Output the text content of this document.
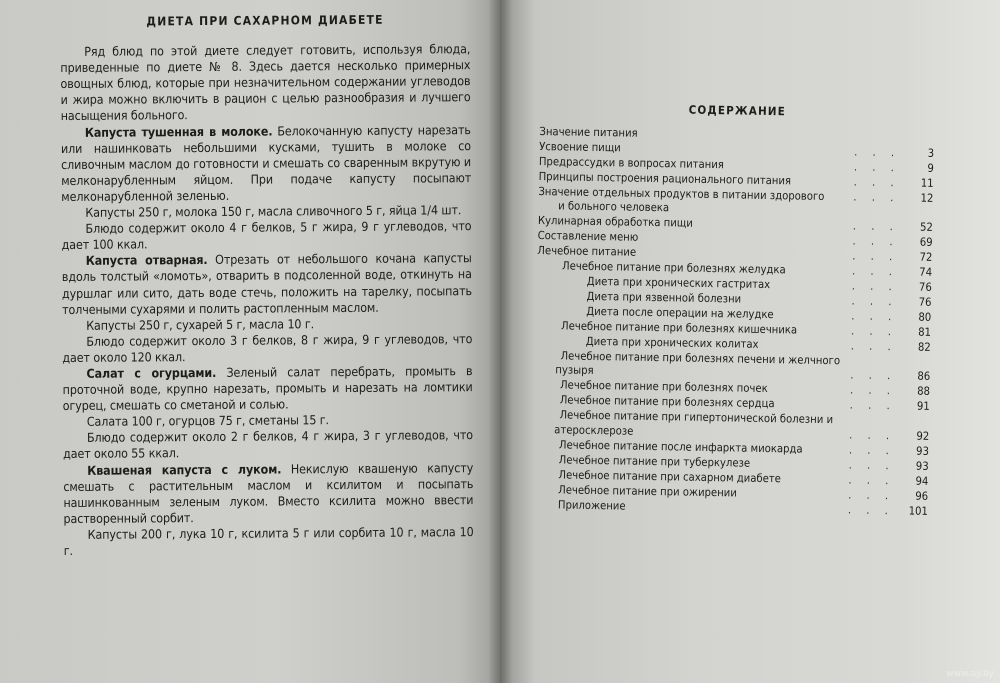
ДИЕТА ПРИ САХАРНОМ ДИАБЕТЕ

Ряд блюд по этой диете следует готовить, используя блюда, приведенные по диете № 8. Здесь дается несколько примерных овощных блюд, которые при незначительном содержании углеводов и жира можно включить в рацион с целью разнообразия и лучшего насыщения больного.

Капуста тушенная в молоке. Белокочанную капусту нарезать или нашинковать небольшими кусками, тушить в молоке со сливочным маслом до готовности и смешать со сваренным вкрутую и мелконарубленным яйцом. При подаче капусту посыпают мелконарубленной зеленью.

Капусты 250 г, молока 150 г, масла сливочного 5 г, яйца 1/4 шт.

Блюдо содержит около 4 г белков, 5 г жира, 9 г углеводов, что дает 100 ккал.

Капуста отварная. Отрезать от небольшого кочана капусты вдоль толстый «ломоть», отварить в подсоленной воде, откинуть на дуршлаг или сито, дать воде стечь, положить на тарелку, посыпать толчеными сухарями и полить растопленным маслом.

Капусты 250 г, сухарей 5 г, масла 10 г.

Блюдо содержит около 3 г белков, 8 г жира, 9 г углеводов, что дает около 120 ккал.

Салат с огурцами. Зеленый салат перебрать, промыть в проточной воде, крупно нарезать, промыть и нарезать на ломтики огурец, смешать со сметаной и солью.

Салата 100 г, огурцов 75 г, сметаны 15 г.

Блюдо содержит около 2 г белков, 4 г жира, 3 г углеводов, что дает около 55 ккал.

Квашеная капуста с луком. Некислую квашеную капусту смешать с растительным маслом и ксилитом и посыпать нашинкованным зеленым луком. Вместо ксилита можно ввести растворенный сорбит.

Капусты 200 г, лука 10 г, ксилита 5 г или сорбита 10 г, масла 10 г.

СОДЕРЖАНИЕ
Значение питания
Усвоение пищи	. . .	3
Предрассудки в вопросах питания	. . .	9
Принципы построения рационального питания	. . .	11
Значение отдельных продуктов в питании здорового	. . .	12
и больного человека
Кулинарная обработка пищи	. . .	52
Составление меню	. . .	69
Лечебное питание	. . .	72
Лечебное питание при болезнях желудка	. . .	74
Диета при хронических гастритах	. . .	76
Диета при язвенной болезни	. . .	76
Диета после операции на желудке	. . .	80
Лечебное питание при болезнях кишечника	. . .	81
Диета при хронических колитах	. . .	82
Лечебное питание при болезнях печени и желчного
пузыря	. . .	86
Лечебное питание при болезнях почек	. . .	88
Лечебное питание при болезнях сердца	. . .	91
Лечебное питание при гипертонической болезни и
атеросклерозе	. . .	92
Лечебное питание после инфаркта миокарда	. . .	93
Лечебное питание при туберкулезе	. . .	93
Лечебное питание при сахарном диабете	. . .	94
Лечебное питание при ожирении	. . .	96
Приложение	. . .	101
www.ay.by
